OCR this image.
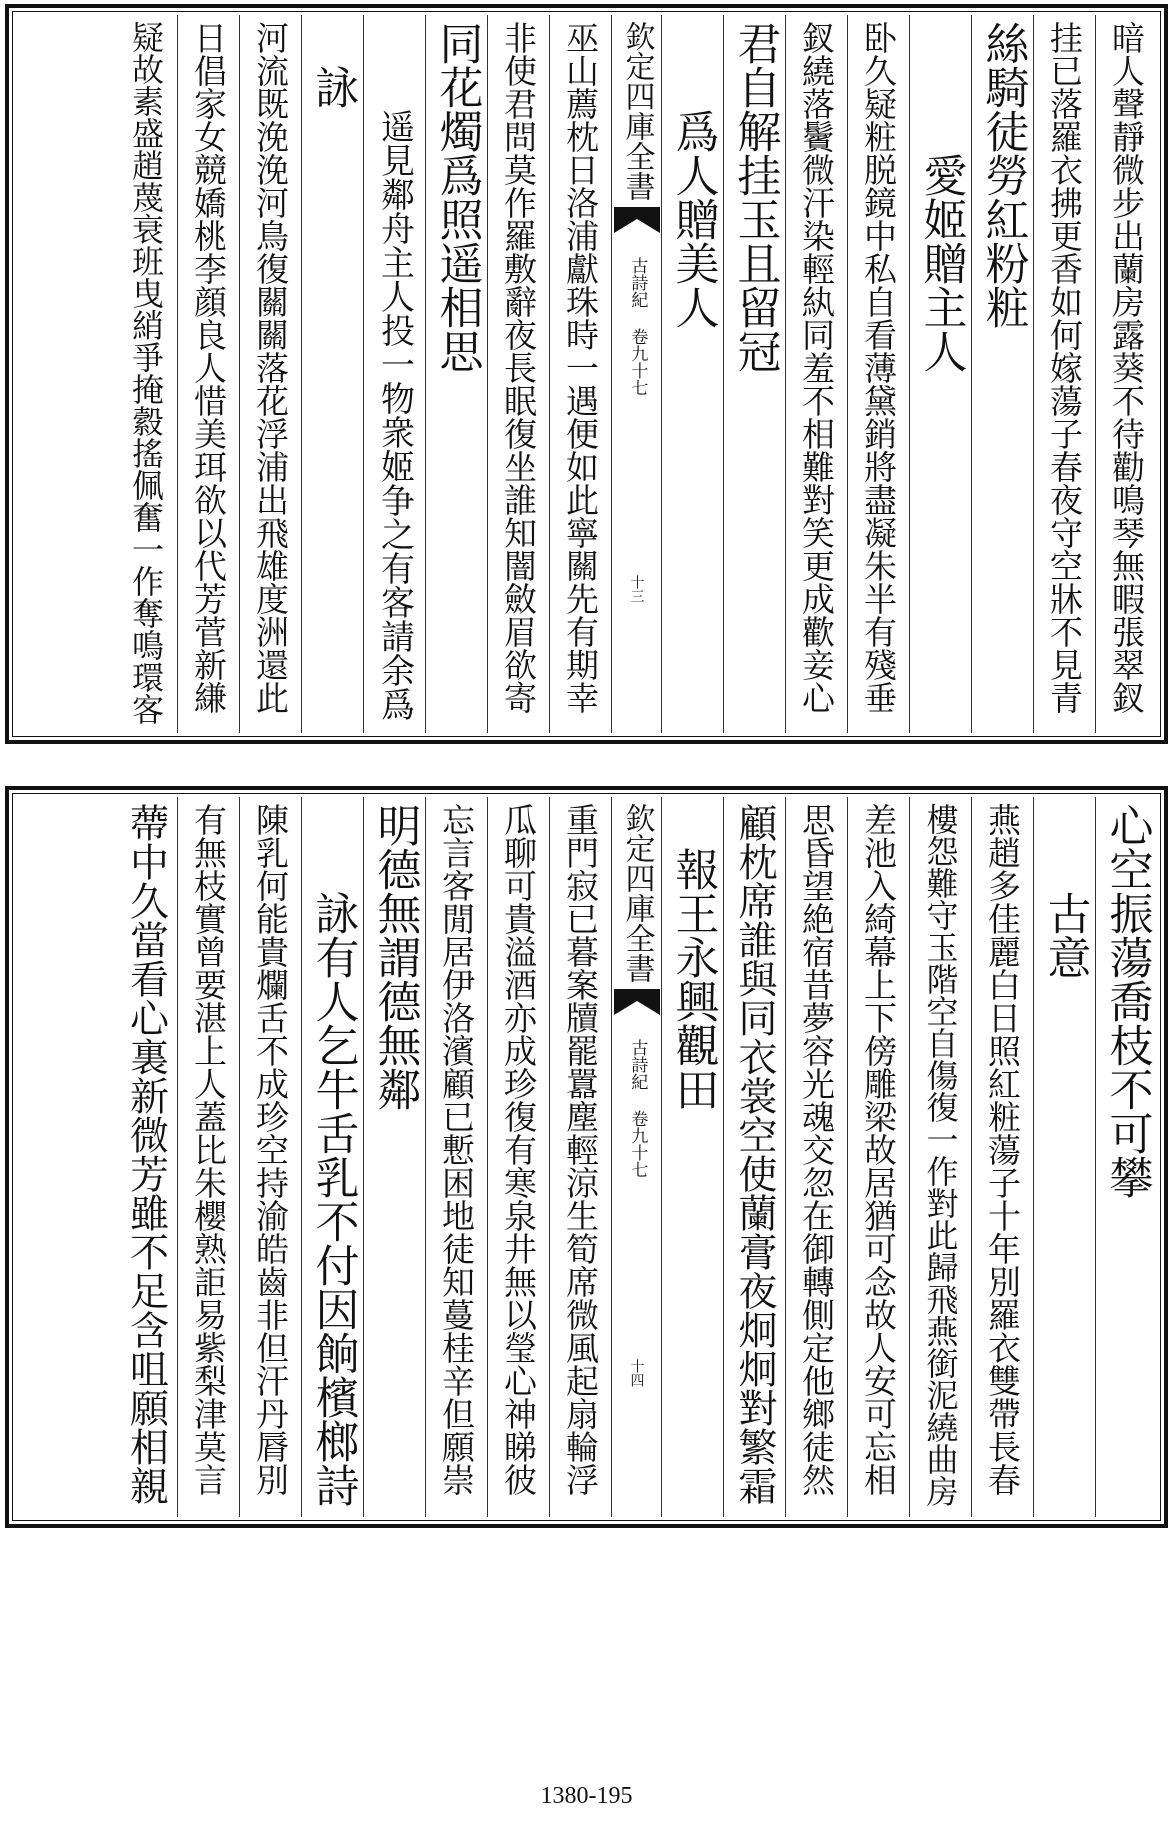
暗人聲靜微步出蘭房露葵不待勸鳴琴無暇張翠釵
挂已落羅衣拂更香如何嫁蕩子春夜守空牀不見青
絲騎徒勞紅粉粧
愛姬贈主人
卧久疑粧脱鏡中私自看薄黛銷將盡凝朱半有殘垂
釵繞落鬢微汗染輕紈同羞不相難對笑更成歡妾心
君自解挂玉且留冠
爲人贈美人
欽定四庫全書
古詩紀 卷九十七
十三
巫山薦枕日洛浦獻珠時一遇便如此寧關先有期幸
非使君問莫作羅敷辭夜長眠復坐誰知闇斂眉欲寄
同花燭爲照遥相思
遥見鄰舟主人投一物衆姬争之有客請余爲
詠
河流既浼浼河鳥復關關落花浮浦出飛雄度洲還此
日倡家女競嬌桃李顔良人惜美珥欲以代芳菅新縑
疑故素盛趙蔑衰班曳綃爭掩縠搖佩奮一作奪鳴環客
心空振蕩喬枝不可攀
古意
燕趙多佳麗白日照紅粧蕩子十年別羅衣雙帶長春
樓怨難守玉階空自傷復一作對此歸飛燕銜泥繞曲房
差池入綺幕上下傍雕梁故居猶可念故人安可忘相
思昏望絶宿昔夢容光魂交忽在御轉側定他鄉徒然
顧枕席誰與同衣裳空使蘭膏夜炯炯對繁霜
報王永興觀田
欽定四庫全書
古詩紀 卷九十七
十四
重門寂已暮案牘罷囂塵輕涼生筍席微風起扇輪浮
瓜聊可貴溢酒亦成珍復有寒泉井無以瑩心神睇彼
忘言客閒居伊洛濱顧已慙困地徒知蔓桂辛但願崇
明德無謂德無鄰
詠有人乞牛舌乳不付因餉檳榔詩
陳乳何能貴爛舌不成珍空持渝皓齒非但汗丹脣別
有無枝實曾要湛上人蓋比朱櫻熟詎易紫梨津莫言
蔕中久當看心裏新微芳雖不足含咀願相親
1380-195
